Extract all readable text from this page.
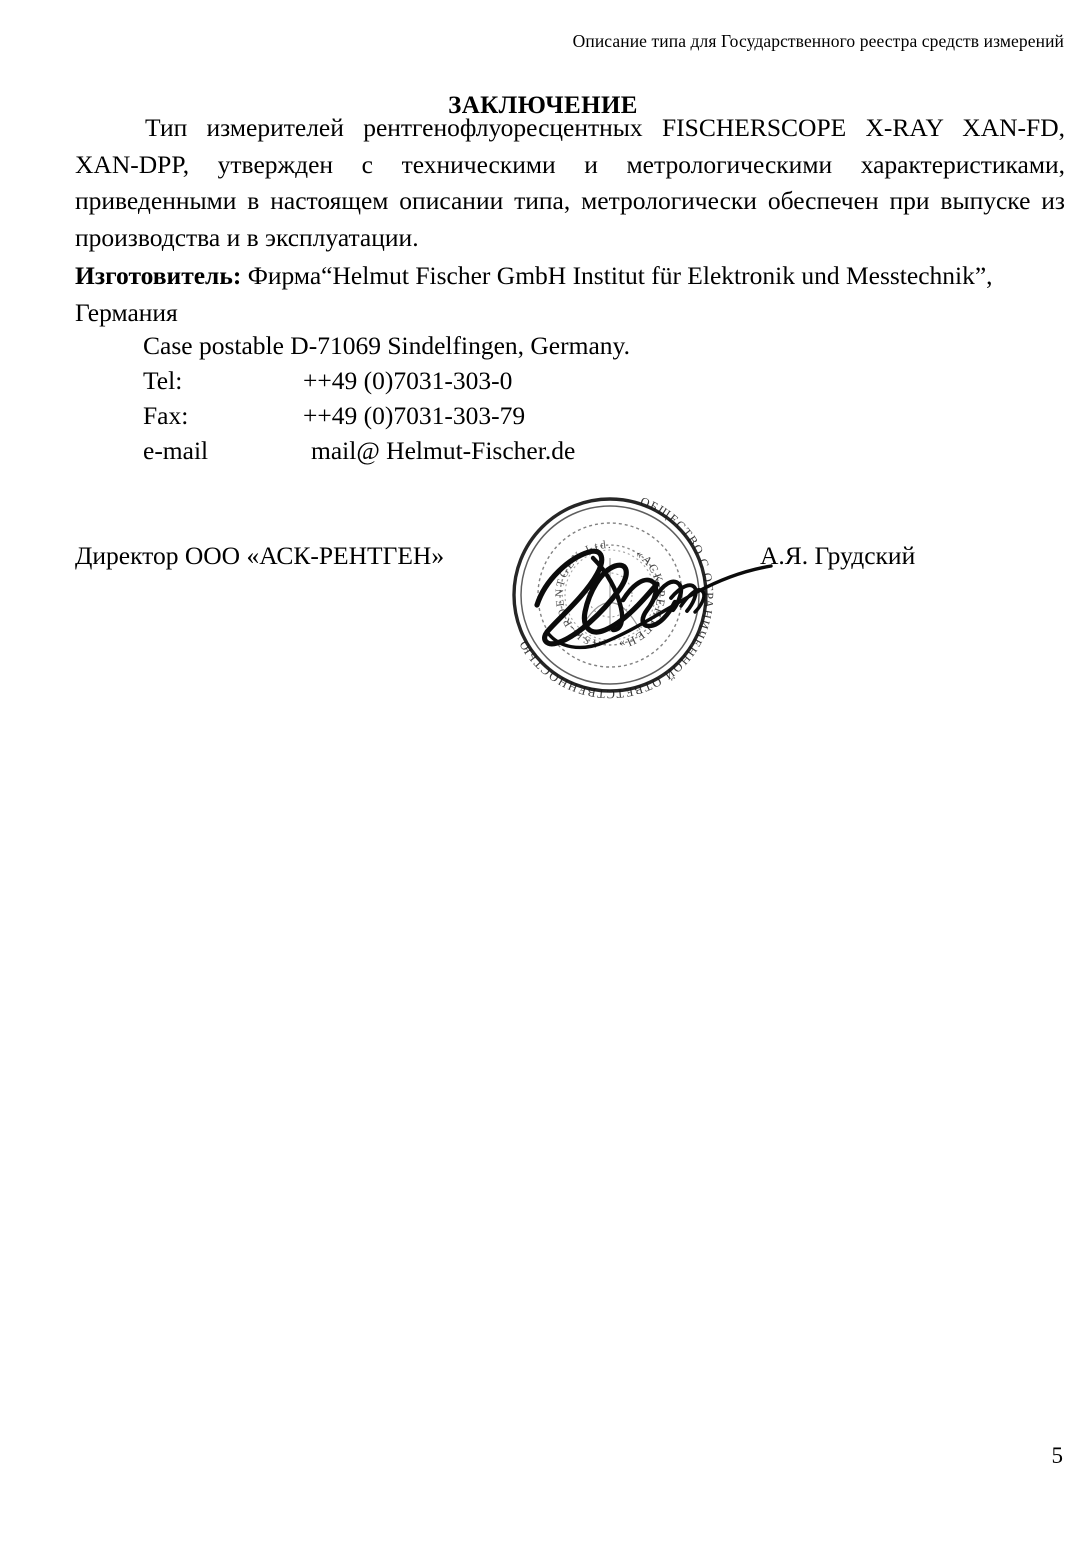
Описание типа для Государственного реестра средств измерений
ЗАКЛЮЧЕНИЕ

Тип измерителей рентгенофлуоресцентных FISCHERSCOPE X-RAY XAN-FD, XAN-DPP, утвержден с техническими и метрологическими характеристиками, приведенными в настоящем описании типа, метрологически обеспечен при выпуске из производства и в эксплуатации.

Изготовитель: Фирма“Helmut Fischer GmbH Institut für Elektronik und Messtechnik”, Германия
Case postable D-71069 Sindelfingen, Germany.
Tel:	++49 (0)7031-303-0
Fax:	++49 (0)7031-303-79
e-mail	mail@ Helmut-Fischer.de
Директор ООО «АСК-РЕНТГЕН»	А.Я. Грудский
ОБЩЕСТВО С ОГРАНИЧЕННОЙ ОТВЕТСТВЕННОСТЬЮ
«АСК-РЕНТГЕН»
ASK-ROENTGEN Ltd.
5
